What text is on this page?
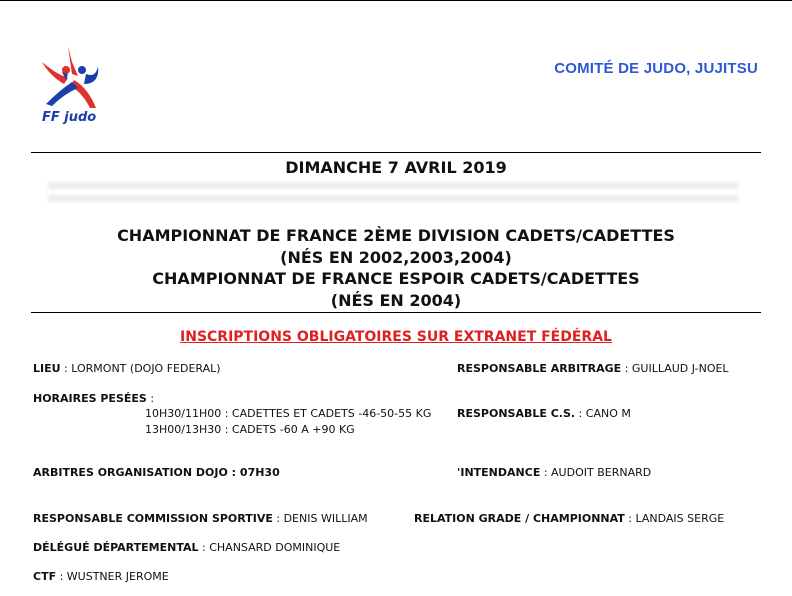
FF judo
COMITÉ DE JUDO, JUJITSU
DIMANCHE 7 AVRIL 2019
CHAMPIONNAT DE FRANCE 2ÈME DIVISION CADETS/CADETTES
(NÉS EN 2002,2003,2004)
CHAMPIONNAT DE FRANCE ESPOIR CADETS/CADETTES
(NÉS EN 2004)
INSCRIPTIONS OBLIGATOIRES SUR EXTRANET FÉDÉRAL
LIEU : LORMONT (DOJO FEDERAL)
HORAIRES PESÉES :
10H30/11H00 : CADETTES ET CADETS -46-50-55 KG
13H00/13H30 : CADETS -60 A +90 KG
ARBITRES ORGANISATION DOJO : 07H30
RESPONSABLE COMMISSION SPORTIVE : DENIS WILLIAM
DÉLÉGUÉ DÉPARTEMENTAL : CHANSARD DOMINIQUE
CTF : WUSTNER JEROME
RESPONSABLE ARBITRAGE : GUILLAUD J-NOEL
RESPONSABLE C.S. : CANO M
'INTENDANCE : AUDOIT BERNARD
RELATION GRADE / CHAMPIONNAT : LANDAIS SERGE
